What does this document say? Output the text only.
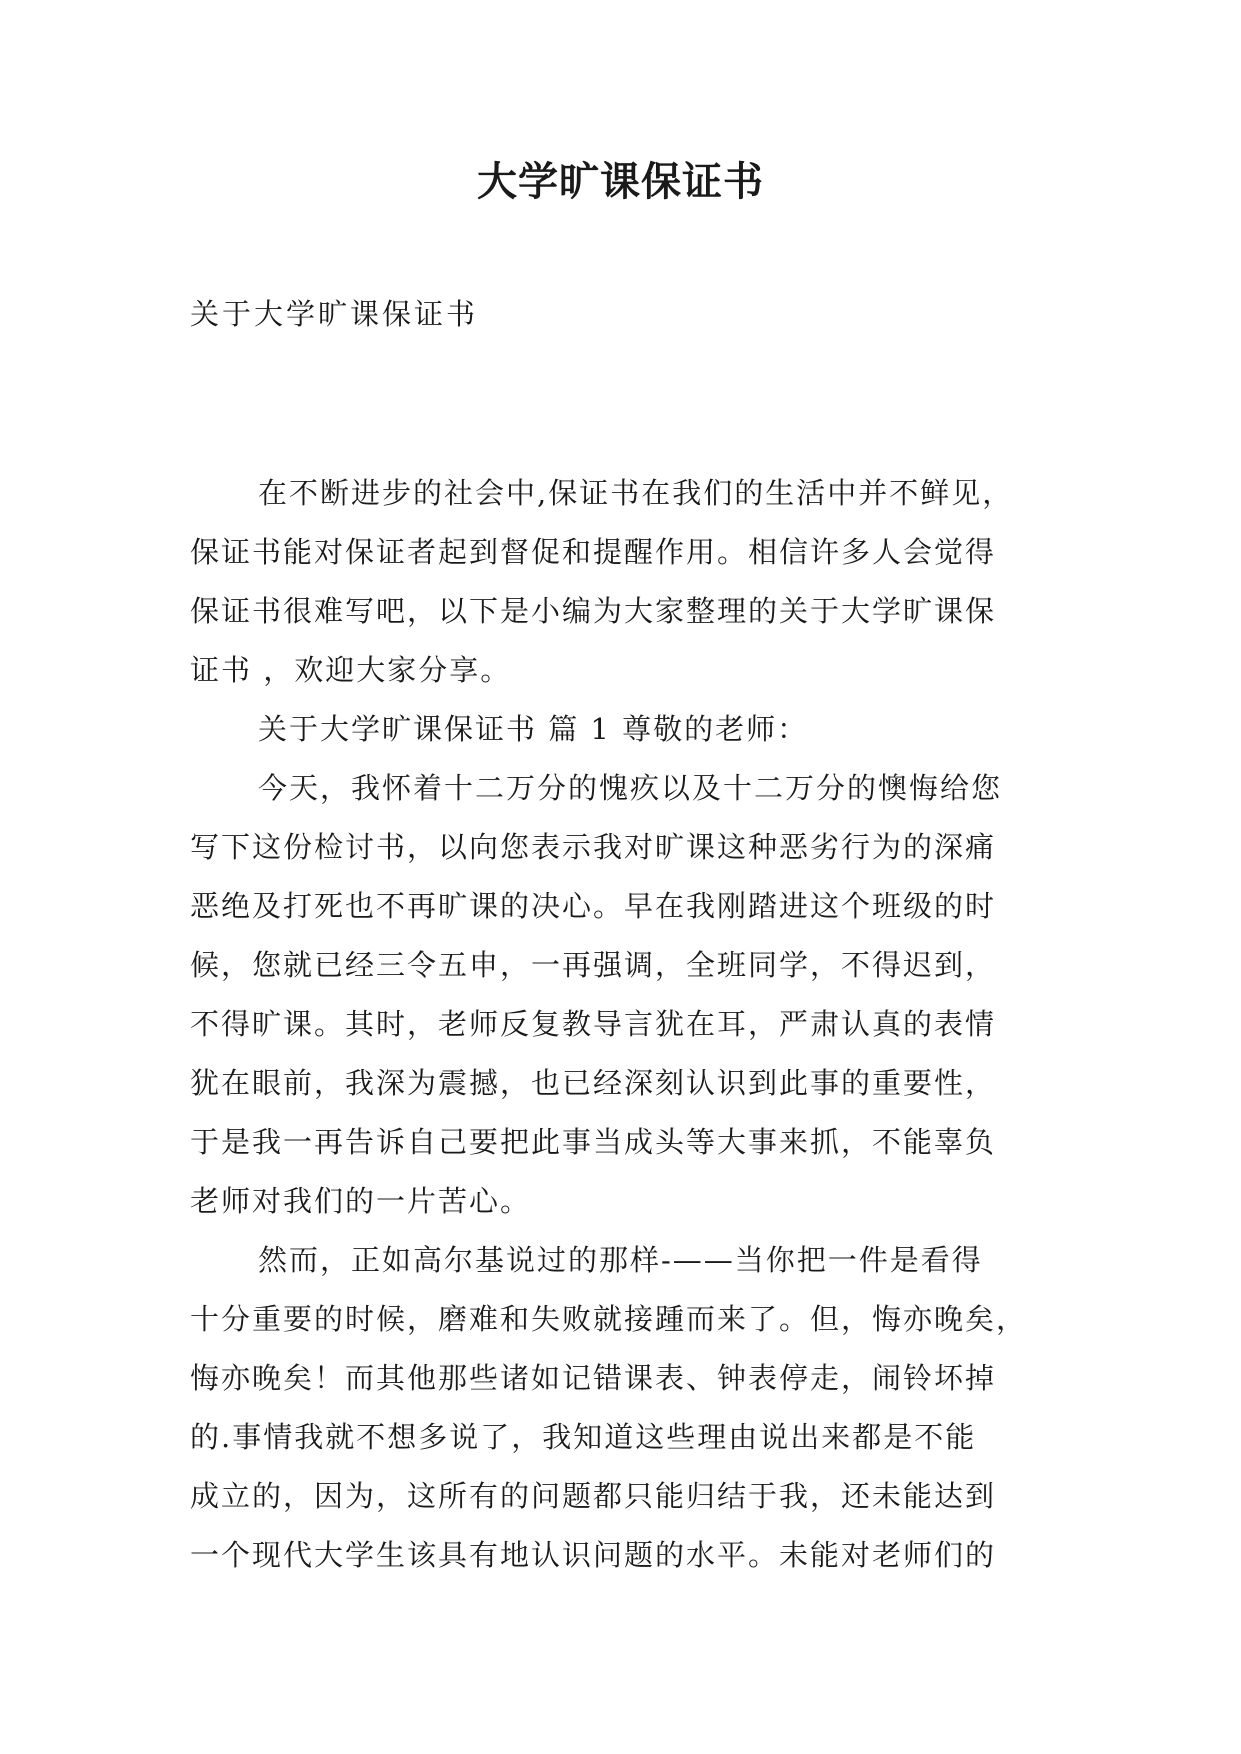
大学旷课保证书
关于大学旷课保证书

在不断进步的社会中,保证书在我们的生活中并不鲜见，
保证书能对保证者起到督促和提醒作用。相信许多人会觉得
保证书很难写吧，以下是小编为大家整理的关于大学旷课保
证书 ，欢迎大家分享。

关于大学旷课保证书 篇 1 尊敬的老师：

今天，我怀着十二万分的愧疚以及十二万分的懊悔给您
写下这份检讨书，以向您表示我对旷课这种恶劣行为的深痛
恶绝及打死也不再旷课的决心。早在我刚踏进这个班级的时
候，您就已经三令五申，一再强调，全班同学，不得迟到，
不得旷课。其时，老师反复教导言犹在耳，严肃认真的表情
犹在眼前，我深为震撼，也已经深刻认识到此事的重要性，
于是我一再告诉自己要把此事当成头等大事来抓，不能辜负
老师对我们的一片苦心。

然而，正如高尔基说过的那样-——当你把一件是看得
十分重要的时候，磨难和失败就接踵而来了。但，悔亦晚矣，
悔亦晚矣！而其他那些诸如记错课表、钟表停走，闹铃坏掉
的.事情我就不想多说了，我知道这些理由说出来都是不能
成立的，因为，这所有的问题都只能归结于我，还未能达到
一个现代大学生该具有地认识问题的水平。未能对老师们的
